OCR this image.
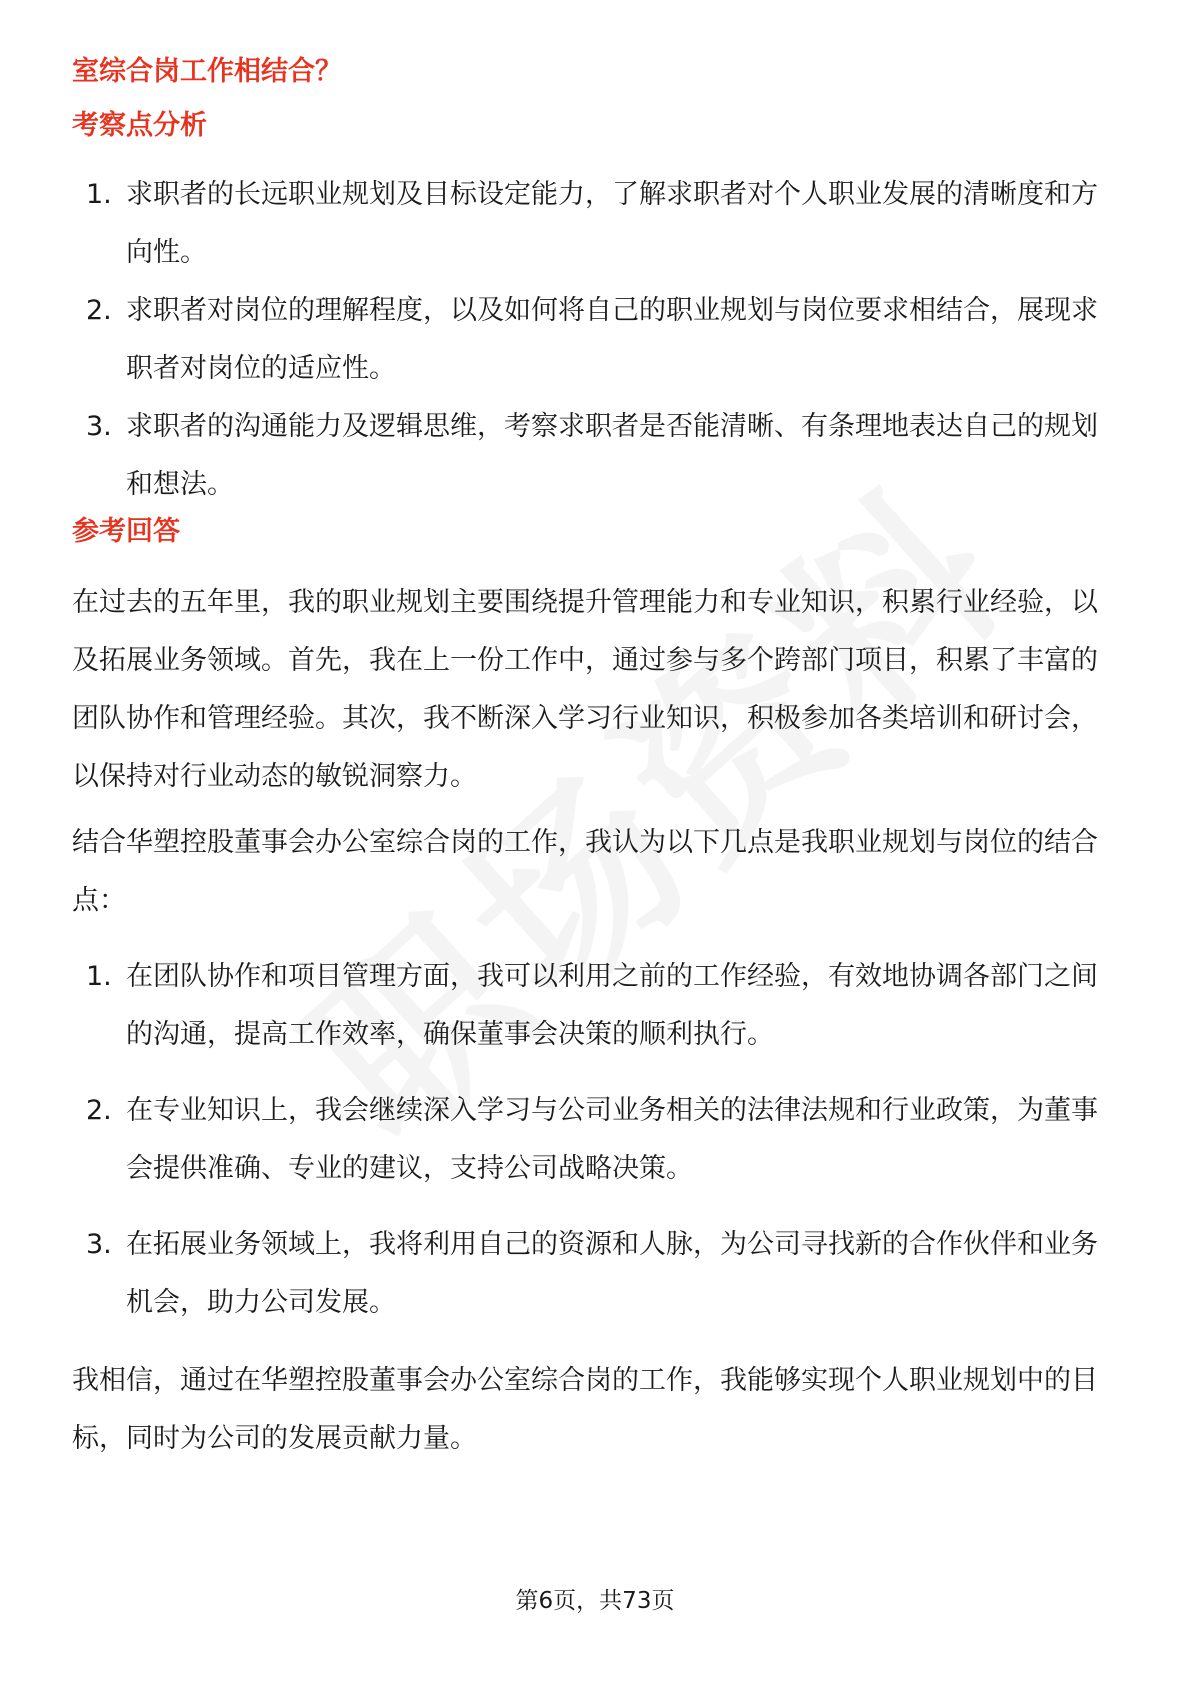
室综合岗工作相结合？
考察点分析
1. 求职者的长远职业规划及目标设定能力，了解求职者对个人职业发展的清晰度和方向性。
2. 求职者对岗位的理解程度，以及如何将自己的职业规划与岗位要求相结合，展现求职者对岗位的适应性。
3. 求职者的沟通能力及逻辑思维，考察求职者是否能清晰、有条理地表达自己的规划和想法。
参考回答

在过去的五年里，我的职业规划主要围绕提升管理能力和专业知识，积累行业经验，以及拓展业务领域。首先，我在上一份工作中，通过参与多个跨部门项目，积累了丰富的团队协作和管理经验。其次，我不断深入学习行业知识，积极参加各类培训和研讨会，以保持对行业动态的敏锐洞察力。

结合华塑控股董事会办公室综合岗的工作，我认为以下几点是我职业规划与岗位的结合点：

1. 在团队协作和项目管理方面，我可以利用之前的工作经验，有效地协调各部门之间的沟通，提高工作效率，确保董事会决策的顺利执行。
2. 在专业知识上，我会继续深入学习与公司业务相关的法律法规和行业政策，为董事会提供准确、专业的建议，支持公司战略决策。
3. 在拓展业务领域上，我将利用自己的资源和人脉，为公司寻找新的合作伙伴和业务机会，助力公司发展。

我相信，通过在华塑控股董事会办公室综合岗的工作，我能够实现个人职业规划中的目标，同时为公司的发展贡献力量。

第6页，共73页
